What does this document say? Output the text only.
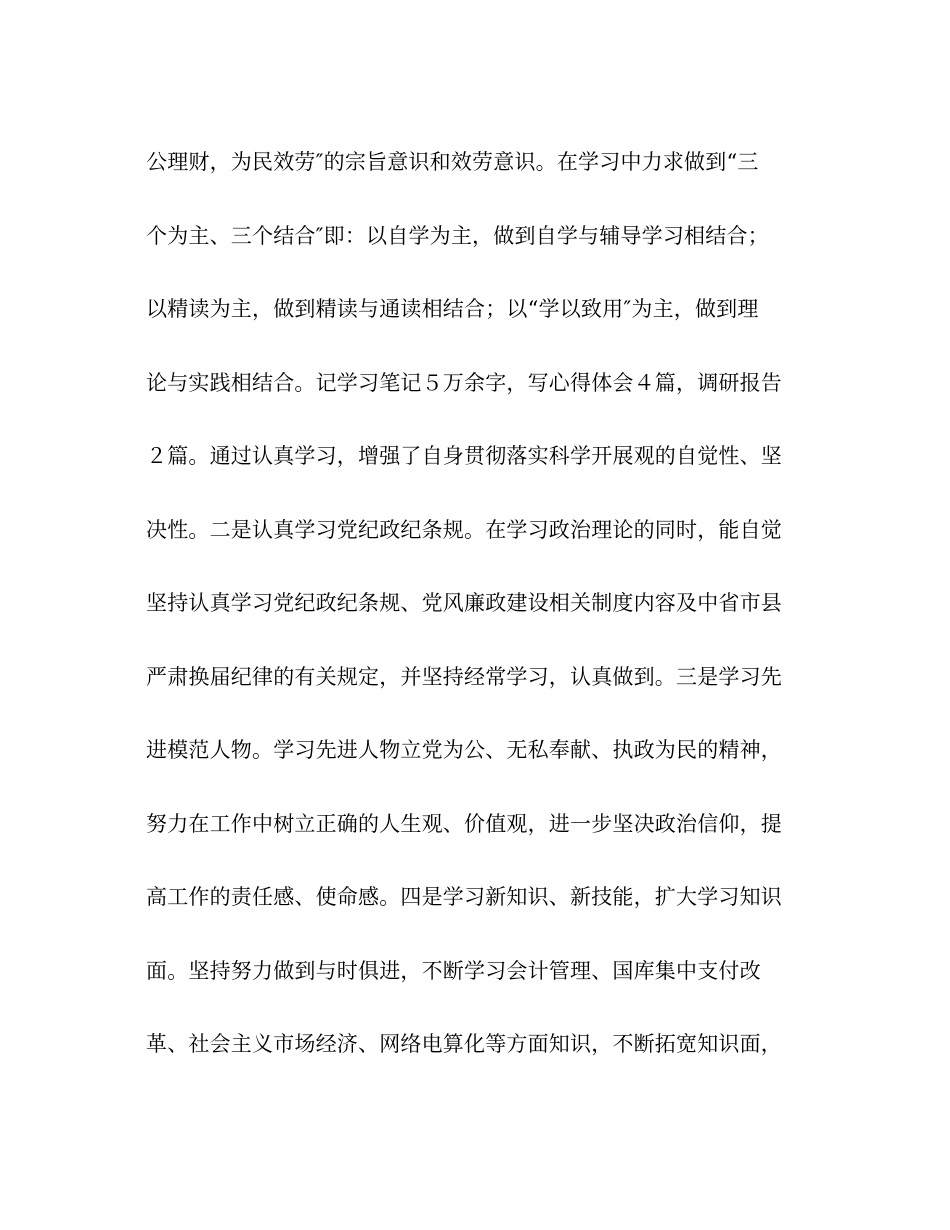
公理财，为民效劳″的宗旨意识和效劳意识。在学习中力求做到“三
个为主、三个结合″即：以自学为主，做到自学与辅导学习相结合；
以精读为主，做到精读与通读相结合；以“学以致用″为主，做到理
论与实践相结合。记学习笔记５万余字，写心得体会４篇，调研报告
２篇。通过认真学习，增强了自身贯彻落实科学开展观的自觉性、坚
决性。二是认真学习党纪政纪条规。在学习政治理论的同时，能自觉
坚持认真学习党纪政纪条规、党风廉政建设相关制度内容及中省市县
严肃换届纪律的有关规定，并坚持经常学习，认真做到。三是学习先
进模范人物。学习先进人物立党为公、无私奉献、执政为民的精神，
努力在工作中树立正确的人生观、价值观，进一步坚决政治信仰，提
高工作的责任感、使命感。四是学习新知识、新技能，扩大学习知识
面。坚持努力做到与时俱进，不断学习会计管理、国库集中支付改
革、社会主义市场经济、网络电算化等方面知识，不断拓宽知识面，
